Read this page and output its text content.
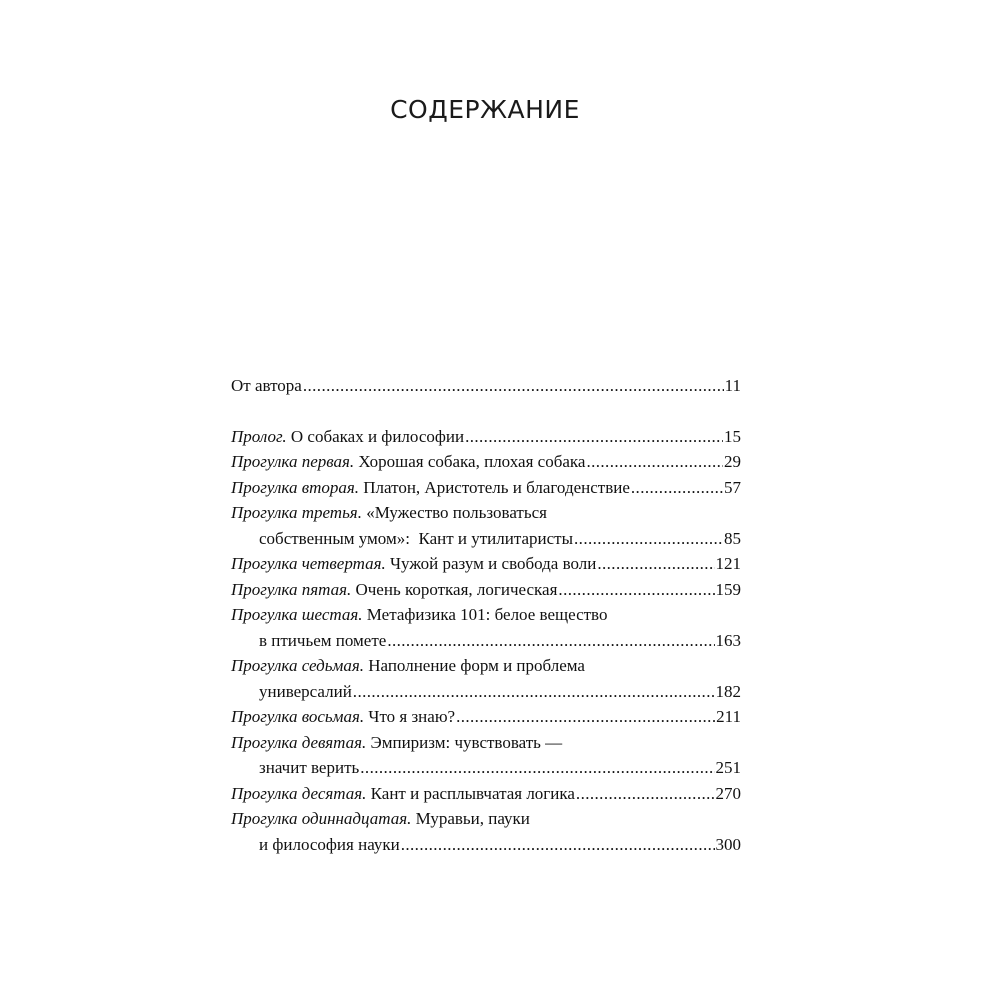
СОДЕРЖАНИЕ
От автора .....	11
Пролог. О собаках и философии .....	15
Прогулка первая. Хорошая собака, плохая собака .....	29
Прогулка вторая. Платон, Аристотель и благоденствие .....	57
Прогулка третья. «Мужество пользоваться
собственным умом»:  Кант и утилитаристы .....	85
Прогулка четвертая. Чужой разум и свобода воли .....	121
Прогулка пятая. Очень короткая, логическая .....	159
Прогулка шестая. Метафизика 101: белое вещество
в птичьем помете .....	163
Прогулка седьмая. Наполнение форм и проблема
универсалий .....	182
Прогулка восьмая. Что я знаю? .....	211
Прогулка девятая. Эмпиризм: чувствовать —
значит верить .....	251
Прогулка десятая. Кант и расплывчатая логика .....	270
Прогулка одиннадцатая. Муравьи, пауки
и философия науки .....	300
